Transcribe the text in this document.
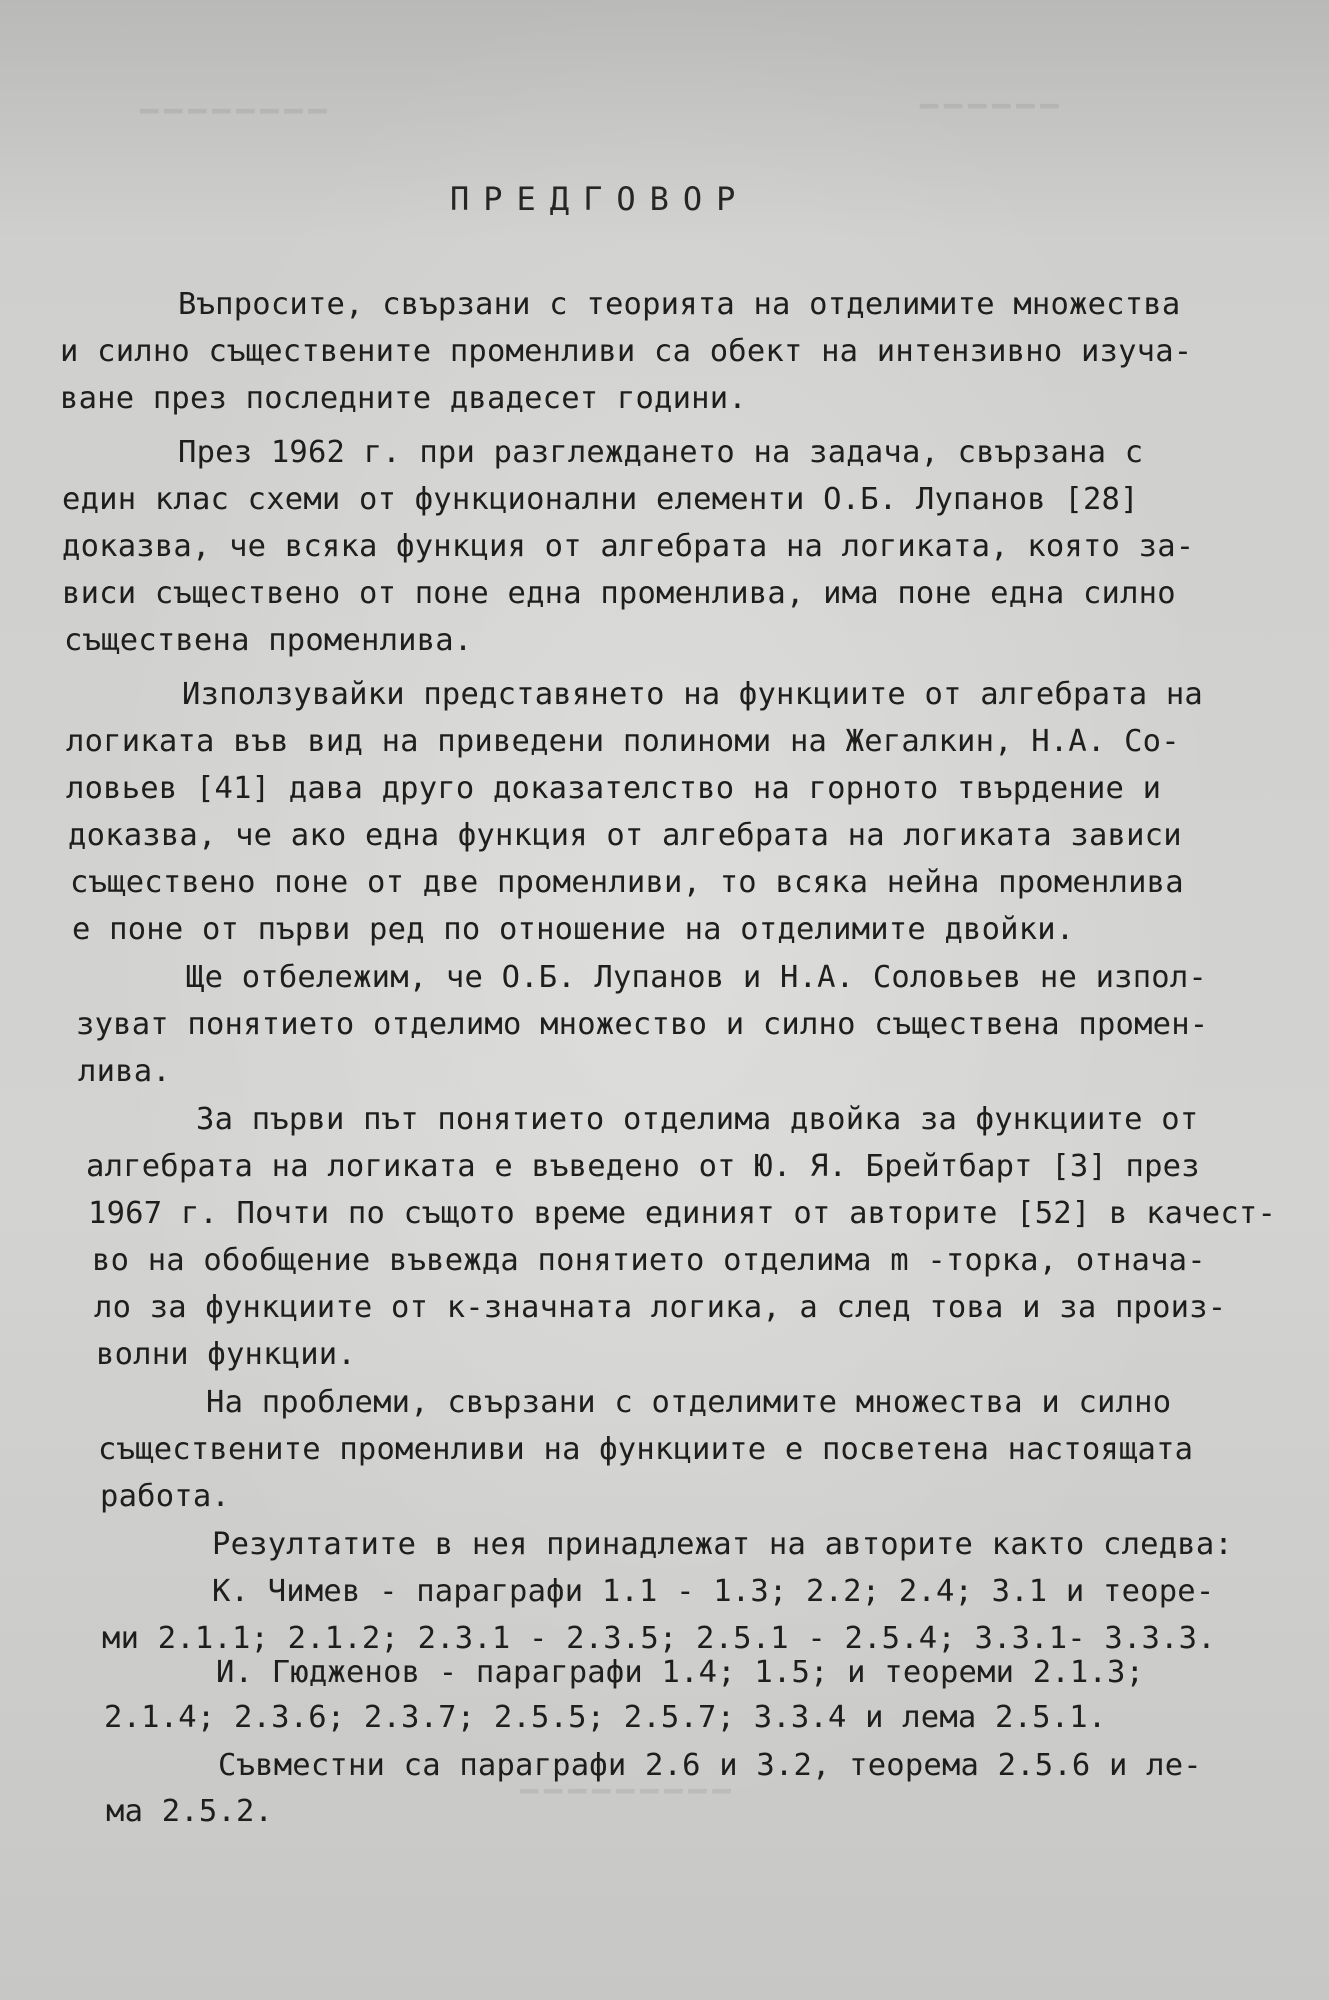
▔▔▔▔▔▔▔▔	▔▔▔▔▔▔
▔▔▔▔▔▔▔▔▔
ПРЕДГОВОР
Въпросите, свързани с теорията на отделимите множества
и силно съществените променливи са обект на интензивно изуча-
ване през последните двадесет години.
През 1962 г. при разглеждането на задача, свързана с
един клас схеми от функционални елементи О.Б. Лупанов [28]
доказва, че всяка функция от алгебрата на логиката, която за-
виси съществено от поне една променлива, има поне една силно
съществена променлива.
Използувайки представянето на функциите от алгебрата на
логиката във вид на приведени полиноми на Жегалкин, Н.А. Со-
ловьев [41] дава друго доказателство на горното твърдение и
доказва, че ако една функция от алгебрата на логиката зависи
съществено поне от две променливи, то всяка нейна променлива
е поне от първи ред по отношение на отделимите двойки.
Ще отбележим, че О.Б. Лупанов и Н.А. Соловьев не изпол-
зуват понятието отделимо множество и силно съществена промен-
лива.
За първи път понятието отделима двойка за функциите от
алгебрата на логиката е въведено от Ю. Я. Брейтбарт [3] през
1967 г. Почти по същото време единият от авторите [52] в качест-
во на обобщение въвежда понятието отделима m -торка, отнача-
ло за функциите от к-значната логика, а след това и за произ-
волни функции.
На проблеми, свързани с отделимите множества и силно
съществените променливи на функциите е посветена настоящата
работа.
Резултатите в нея принадлежат на авторите както следва:
К. Чимев - параграфи 1.1 - 1.3; 2.2; 2.4; 3.1 и теоре-
ми 2.1.1; 2.1.2; 2.3.1 - 2.3.5; 2.5.1 - 2.5.4; 3.3.1- 3.3.3.
И. Гюдженов - параграфи 1.4; 1.5; и теореми 2.1.3;
2.1.4; 2.3.6; 2.3.7; 2.5.5; 2.5.7; 3.3.4 и лема 2.5.1.
Съвместни са параграфи 2.6 и 3.2, теорема 2.5.6 и ле-
ма 2.5.2.
